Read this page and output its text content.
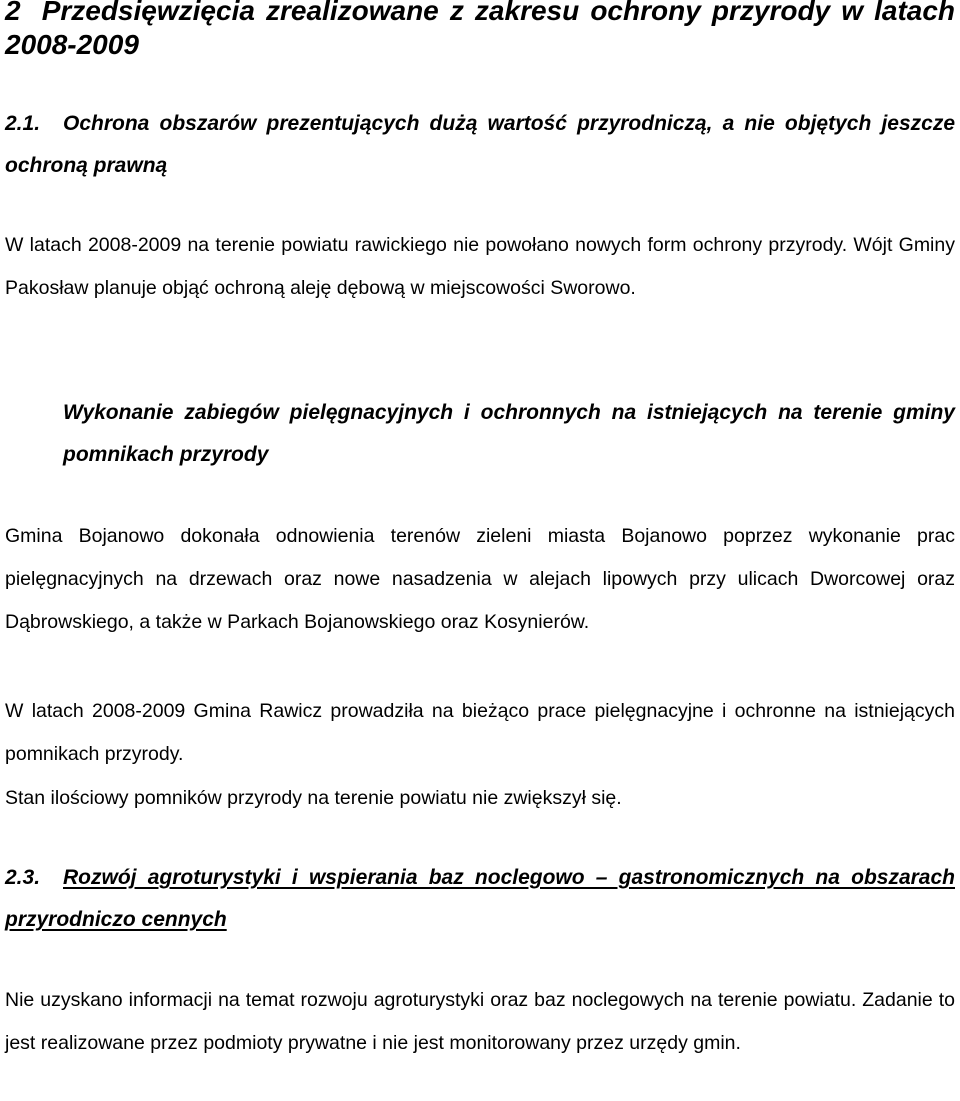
2 Przedsięwzięcia zrealizowane z zakresu ochrony przyrody w latach 2008-2009
2.1. Ochrona obszarów prezentujących dużą wartość przyrodniczą, a nie objętych jeszcze ochroną prawną

W latach 2008-2009 na terenie powiatu rawickiego nie powołano nowych form ochrony przyrody. Wójt Gminy Pakosław planuje objąć ochroną aleję dębową w miejscowości Sworowo.

Wykonanie zabiegów pielęgnacyjnych i ochronnych na istniejących na terenie gminy pomnikach przyrody

Gmina Bojanowo dokonała odnowienia terenów zieleni miasta Bojanowo poprzez wykonanie prac pielęgnacyjnych na drzewach oraz nowe nasadzenia w alejach lipowych przy ulicach Dworcowej oraz Dąbrowskiego, a także w Parkach Bojanowskiego oraz Kosynierów.

W latach 2008-2009 Gmina Rawicz prowadziła na bieżąco prace pielęgnacyjne i ochronne na istniejących pomnikach przyrody.

Stan ilościowy pomników przyrody na terenie powiatu nie zwiększył się.

2.3. Rozwój agroturystyki i wspierania baz noclegowo – gastronomicznych na obszarach przyrodniczo cennych

Nie uzyskano informacji na temat rozwoju agroturystyki oraz baz noclegowych na terenie powiatu. Zadanie to jest realizowane przez podmioty prywatne i nie jest monitorowany przez urzędy gmin.
